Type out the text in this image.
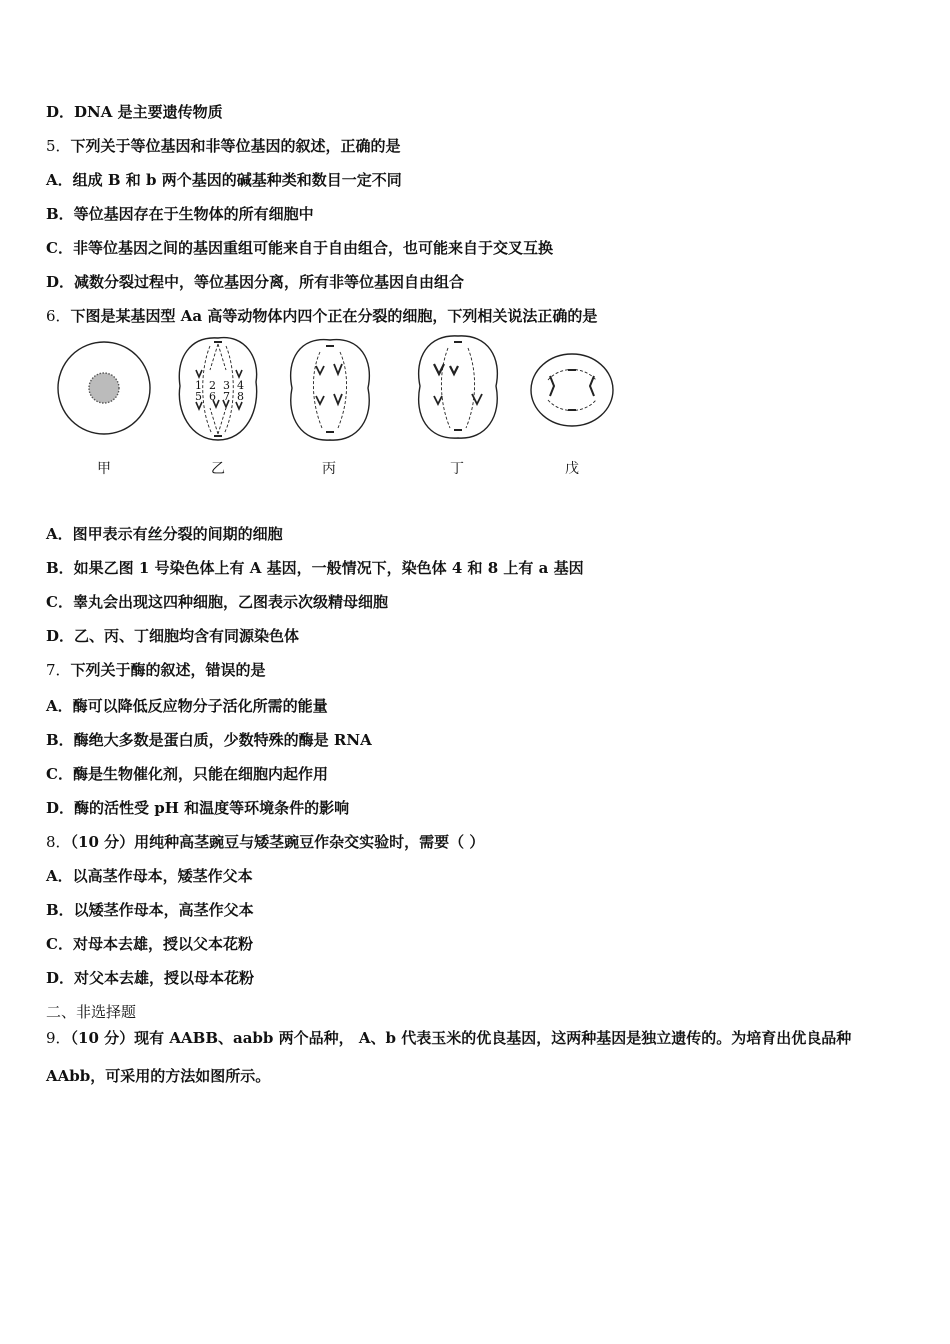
D．DNA 是主要遗传物质
5．下列关于等位基因和非等位基因的叙述，正确的是
A．组成 B 和 b 两个基因的碱基种类和数目一定不同
B．等位基因存在于生物体的所有细胞中
C．非等位基因之间的基因重组可能来自于自由组合，也可能来自于交叉互换
D．减数分裂过程中，等位基因分离，所有非等位基因自由组合
6．下图是某基因型 Aa 高等动物体内四个正在分裂的细胞，下列相关说法正确的是
1 2 3 4
5 6 7 8
甲	乙	丙	丁	戊
A．图甲表示有丝分裂的间期的细胞
B．如果乙图 1 号染色体上有 A 基因，一般情况下，染色体 4 和 8 上有 a 基因
C．睾丸会出现这四种细胞，乙图表示次级精母细胞
D．乙、丙、丁细胞均含有同源染色体
7．下列关于酶的叙述，错误的是
A．酶可以降低反应物分子活化所需的能量
B．酶绝大多数是蛋白质，少数特殊的酶是 RNA
C．酶是生物催化剂，只能在细胞内起作用
D．酶的活性受 pH 和温度等环境条件的影响
8．（10 分）用纯种高茎豌豆与矮茎豌豆作杂交实验时，需要（ ）
A．以高茎作母本，矮茎作父本
B．以矮茎作母本，高茎作父本
C．对母本去雄，授以父本花粉
D．对父本去雄，授以母本花粉
二、非选择题
9．（10 分）现有 AABB、aabb 两个品种， A、b 代表玉米的优良基因，这两种基因是独立遗传的。为培育出优良品种
AAbb，可采用的方法如图所示。
